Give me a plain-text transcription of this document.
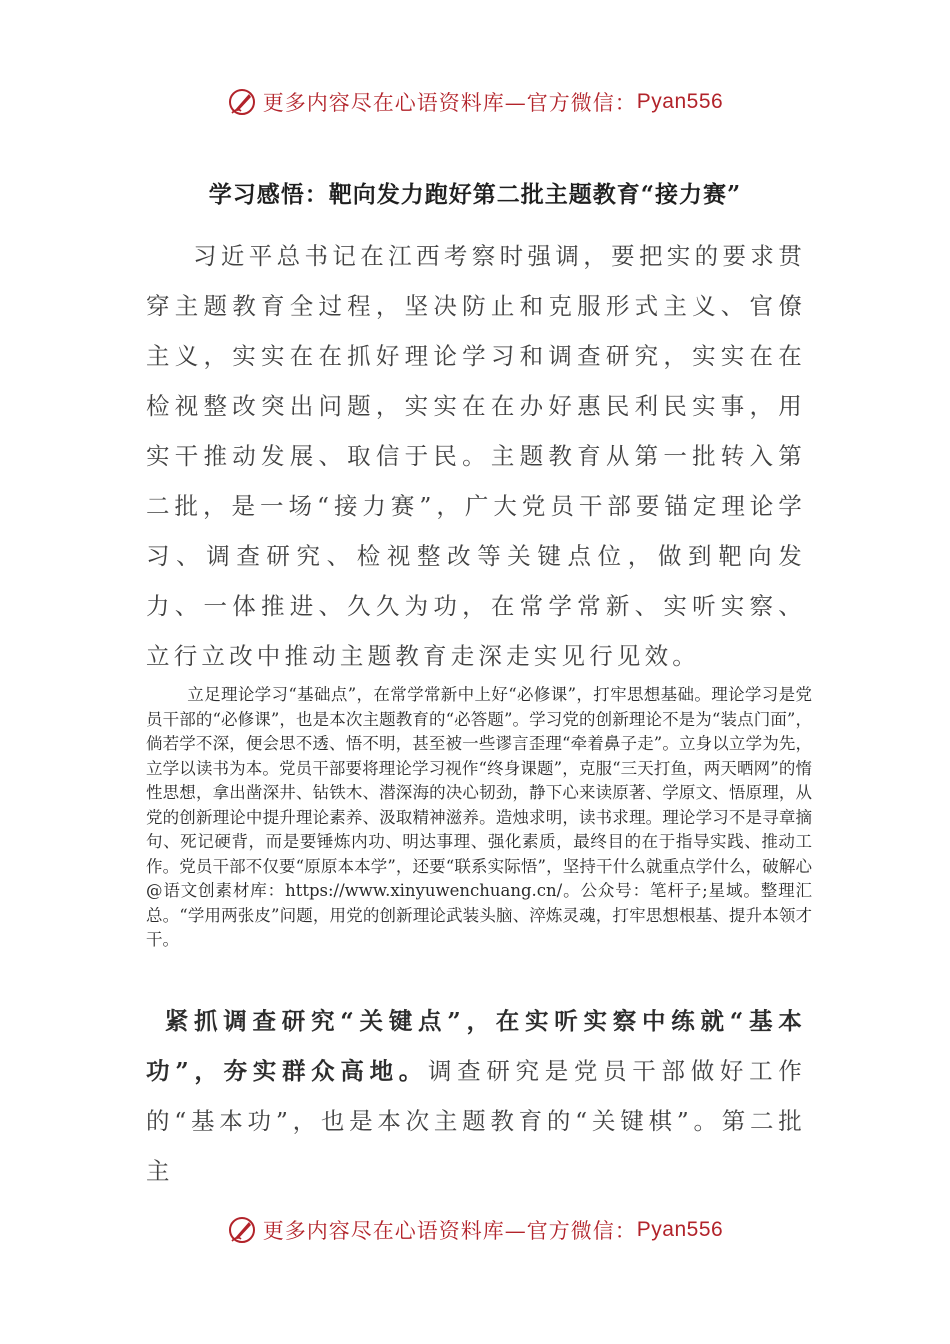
更多内容尽在心语资料库—官方微信： Pyan556
学习感悟：靶向发力跑好第二批主题教育“接力赛”

习近平总书记在江西考察时强调，要把实的要求贯穿主题教育全过程，坚决防止和克服形式主义、官僚主义，实实在在抓好理论学习和调查研究，实实在在检视整改突出问题，实实在在办好惠民利民实事，用实干推动发展、取信于民。主题教育从第一批转入第二批，是一场“接力赛”，广大党员干部要锚定理论学习、调查研究、检视整改等关键点位，做到靶向发力、一体推进、久久为功，在常学常新、实听实察、立行立改中推动主题教育走深走实见行见效。

立足理论学习“基础点”，在常学常新中上好“必修课”，打牢思想基础。理论学习是党员干部的“必修课”，也是本次主题教育的“必答题”。学习党的创新理论不是为“装点门面”，倘若学不深，便会思不透、悟不明，甚至被一些谬言歪理“牵着鼻子走”。立身以立学为先，立学以读书为本。党员干部要将理论学习视作“终身课题”，克服“三天打鱼，两天晒网”的惰性思想，拿出凿深井、钻铁木、潜深海的决心韧劲，静下心来读原著、学原文、悟原理，从党的创新理论中提升理论素养、汲取精神滋养。造烛求明，读书求理。理论学习不是寻章摘句、死记硬背，而是要锤炼内功、明达事理、强化素质，最终目的在于指导实践、推动工作。党员干部不仅要“原原本本学”，还要“联系实际悟”，坚持干什么就重点学什么，破解心@语文创素材库：https://www.xinyuwenchuang.cn/。公众号：笔杆子;星域。整理汇总。“学用两张皮”问题，用党的创新理论武装头脑、淬炼灵魂，打牢思想根基、提升本领才干。

紧抓调查研究“关键点”，在实听实察中练就“基本功”，夯实群众高地。调查研究是党员干部做好工作的“基本功”，也是本次主题教育的“关键棋”。第二批主

更多内容尽在心语资料库—官方微信： Pyan556
